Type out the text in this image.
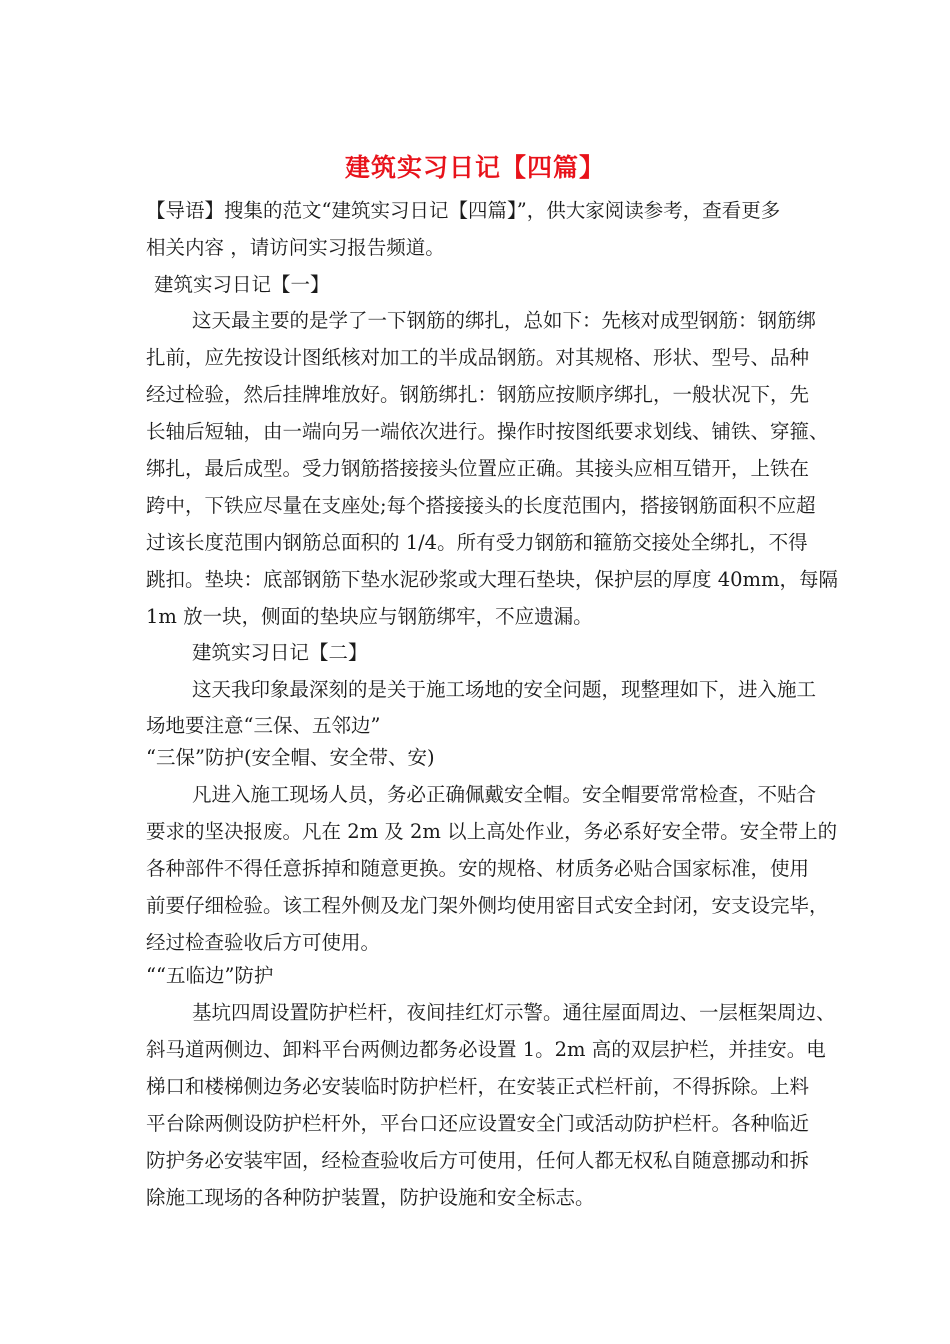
建筑实习日记【四篇】
【导语】搜集的范文“建筑实习日记【四篇】”，供大家阅读参考，查看更多
相关内容 ，请访问实习报告频道。
建筑实习日记【一】
这天最主要的是学了一下钢筋的绑扎，总如下：先核对成型钢筋：钢筋绑
扎前，应先按设计图纸核对加工的半成品钢筋。对其规格、形状、型号、品种
经过检验，然后挂牌堆放好。钢筋绑扎：钢筋应按顺序绑扎，一般状况下，先
长轴后短轴，由一端向另一端依次进行。操作时按图纸要求划线、铺铁、穿箍、
绑扎，最后成型。受力钢筋搭接接头位置应正确。其接头应相互错开，上铁在
跨中，下铁应尽量在支座处;每个搭接接头的长度范围内，搭接钢筋面积不应超
过该长度范围内钢筋总面积的 1/4。所有受力钢筋和箍筋交接处全绑扎，不得
跳扣。垫块：底部钢筋下垫水泥砂浆或大理石垫块，保护层的厚度 40mm，每隔
1m 放一块，侧面的垫块应与钢筋绑牢，不应遗漏。
建筑实习日记【二】
这天我印象最深刻的是关于施工场地的安全问题，现整理如下，进入施工
场地要注意“三保、五邻边”
“三保”防护(安全帽、安全带、安)
凡进入施工现场人员，务必正确佩戴安全帽。安全帽要常常检查，不贴合
要求的坚决报废。凡在 2m 及 2m 以上高处作业，务必系好安全带。安全带上的
各种部件不得任意拆掉和随意更换。安的规格、材质务必贴合国家标准，使用
前要仔细检验。该工程外侧及龙门架外侧均使用密目式安全封闭，安支设完毕，
经过检查验收后方可使用。
““五临边”防护
基坑四周设置防护栏杆，夜间挂红灯示警。通往屋面周边、一层框架周边、
斜马道两侧边、卸料平台两侧边都务必设置 1。2m 高的双层护栏，并挂安。电
梯口和楼梯侧边务必安装临时防护栏杆，在安装正式栏杆前，不得拆除。上料
平台除两侧设防护栏杆外，平台口还应设置安全门或活动防护栏杆。各种临近
防护务必安装牢固，经检查验收后方可使用，任何人都无权私自随意挪动和拆
除施工现场的各种防护装置，防护设施和安全标志。
